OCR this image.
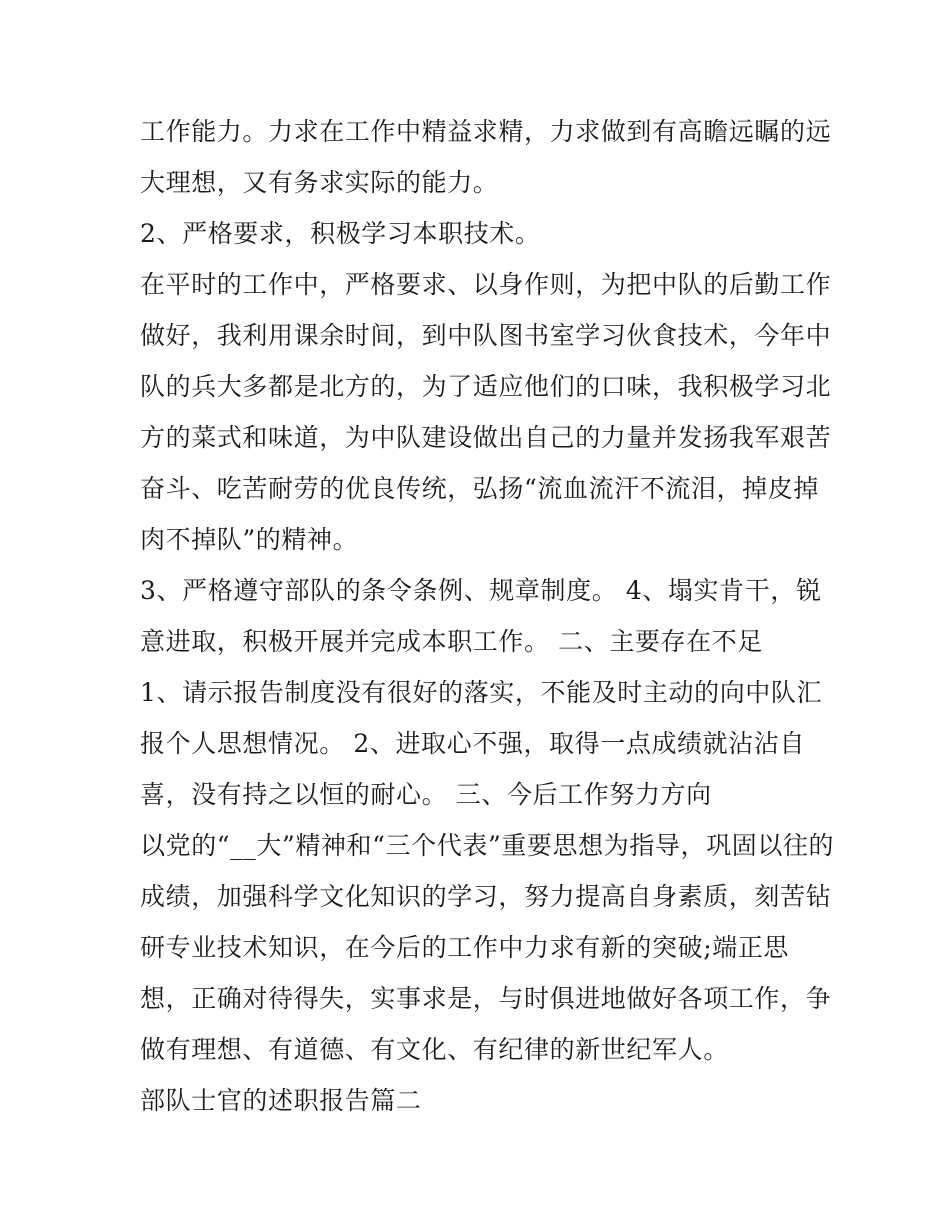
工作能力。力求在工作中精益求精，力求做到有高瞻远瞩的远
大理想，又有务求实际的能力。
2、严格要求，积极学习本职技术。
在平时的工作中，严格要求、以身作则，为把中队的后勤工作
做好，我利用课余时间，到中队图书室学习伙食技术，今年中
队的兵大多都是北方的，为了适应他们的口味，我积极学习北
方的菜式和味道，为中队建设做出自己的力量并发扬我军艰苦
奋斗、吃苦耐劳的优良传统，弘扬“流血流汗不流泪，掉皮掉
肉不掉队”的精神。
3、严格遵守部队的条令条例、规章制度。 4、塌实肯干，锐
意进取，积极开展并完成本职工作。 二、主要存在不足
1、请示报告制度没有很好的落实，不能及时主动的向中队汇
报个人思想情况。 2、进取心不强，取得一点成绩就沾沾自
喜，没有持之以恒的耐心。 三、今后工作努力方向
以党的“__大”精神和“三个代表”重要思想为指导，巩固以往的
成绩，加强科学文化知识的学习，努力提高自身素质，刻苦钻
研专业技术知识，在今后的工作中力求有新的突破;端正思
想，正确对待得失，实事求是，与时俱进地做好各项工作，争
做有理想、有道德、有文化、有纪律的新世纪军人。
部队士官的述职报告篇二
